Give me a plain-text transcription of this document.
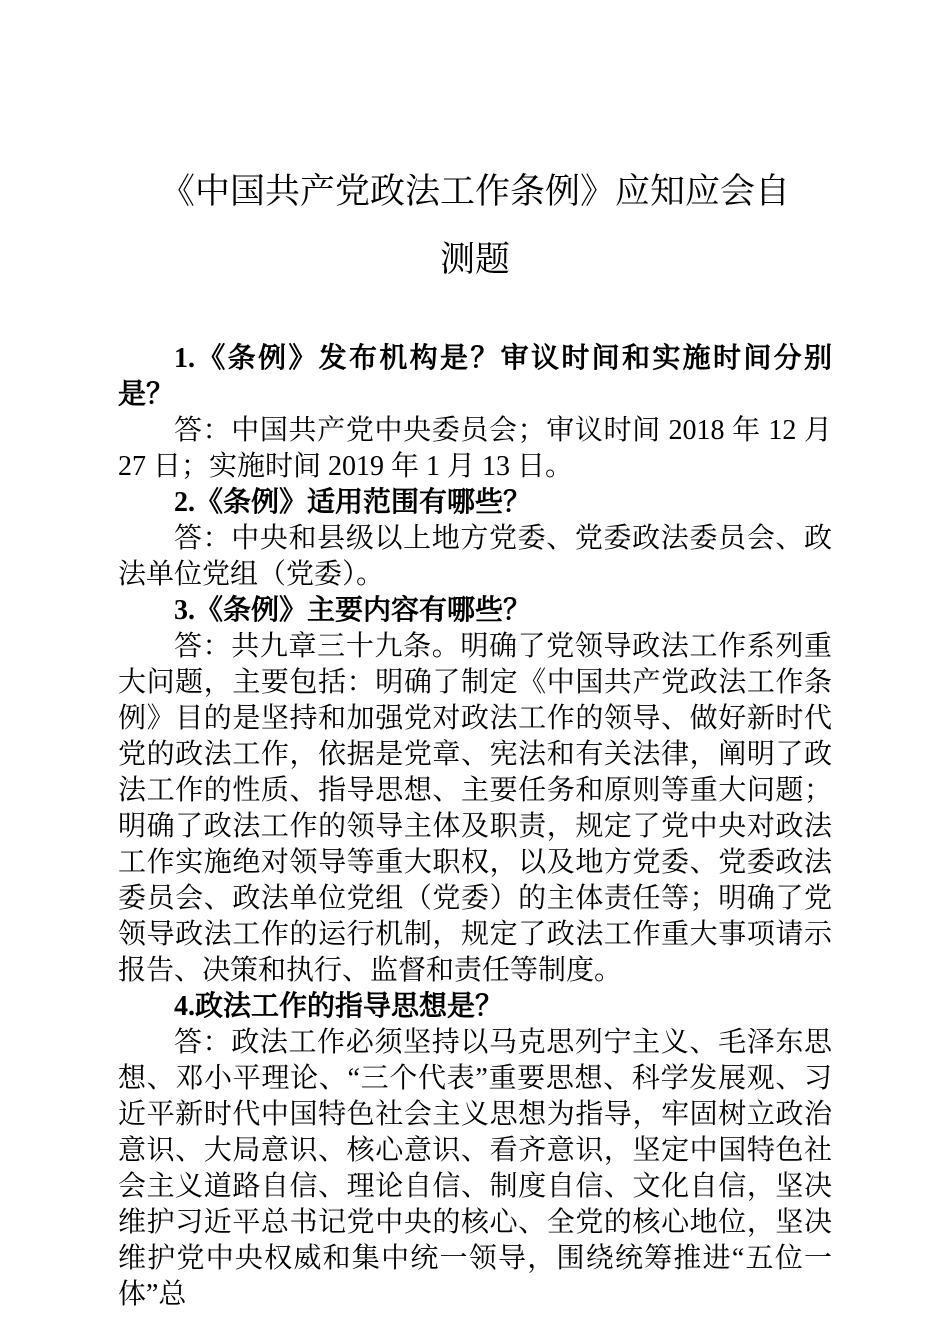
《中国共产党政法工作条例》应知应会自
测题

1.《条例》发布机构是？审议时间和实施时间分别是？

答：中国共产党中央委员会；审议时间 2018 年 12 月 27 日；实施时间 2019 年 1 月 13 日。

2.《条例》适用范围有哪些？

答：中央和县级以上地方党委、党委政法委员会、政法单位党组（党委）。

3.《条例》主要内容有哪些？

答：共九章三十九条。明确了党领导政法工作系列重大问题，主要包括：明确了制定《中国共产党政法工作条例》目的是坚持和加强党对政法工作的领导、做好新时代党的政法工作，依据是党章、宪法和有关法律，阐明了政法工作的性质、指导思想、主要任务和原则等重大问题；明确了政法工作的领导主体及职责，规定了党中央对政法工作实施绝对领导等重大职权，以及地方党委、党委政法委员会、政法单位党组（党委）的主体责任等；明确了党领导政法工作的运行机制，规定了政法工作重大事项请示报告、决策和执行、监督和责任等制度。

4.政法工作的指导思想是？

答：政法工作必须坚持以马克思列宁主义、毛泽东思想、邓小平理论、“三个代表”重要思想、科学发展观、习近平新时代中国特色社会主义思想为指导，牢固树立政治意识、大局意识、核心意识、看齐意识，坚定中国特色社会主义道路自信、理论自信、制度自信、文化自信，坚决维护习近平总书记党中央的核心、全党的核心地位，坚决维护党中央权威和集中统一领导，围绕统筹推进“五位一体”总
